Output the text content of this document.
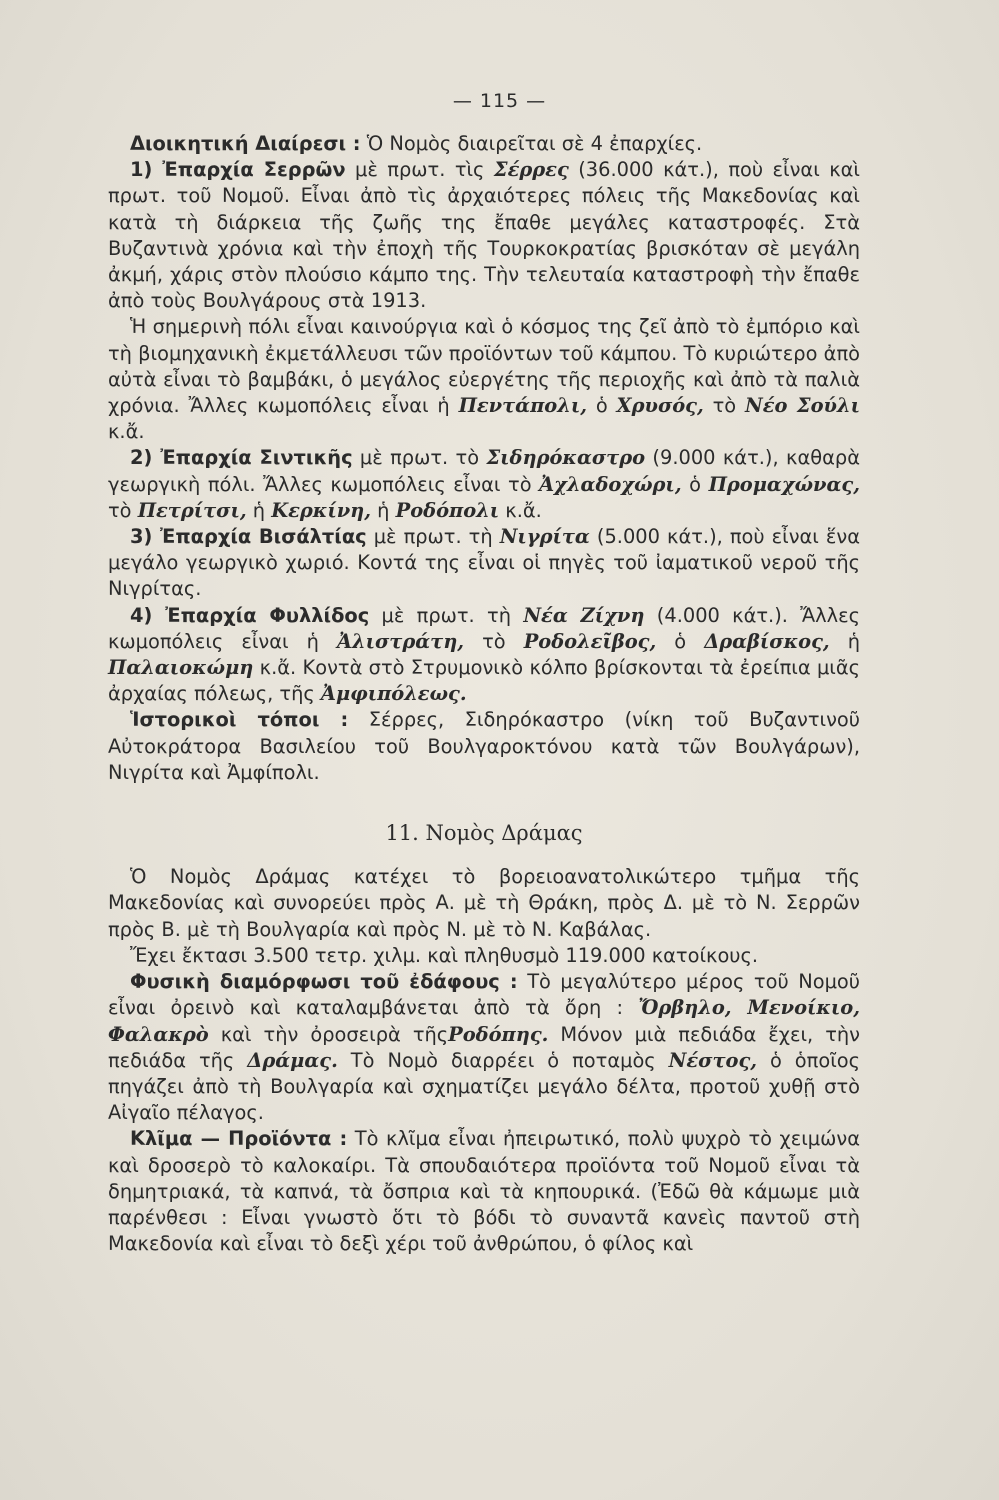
— 115 —

Διοικητική Διαίρεσι : Ὁ Νομὸς διαιρεῖται σὲ 4 ἐπαρχίες.

1) Ἐπαρχία Σερρῶν μὲ πρωτ. τὶς Σέρρες (36.000 κάτ.), ποὺ εἶναι καὶ πρωτ. τοῦ Νομοῦ. Εἶναι ἀπὸ τὶς ἀρχαιότερες πόλεις τῆς Μακεδονίας καὶ κατὰ τὴ διάρκεια τῆς ζωῆς της ἔπαθε μεγάλες καταστροφές. Στὰ Βυζαντινὰ χρόνια καὶ τὴν ἐποχὴ τῆς Τουρκοκρατίας βρισκόταν σὲ μεγάλη ἀκμή, χάρις στὸν πλούσιο κάμπο της. Τὴν τελευταία καταστροφὴ τὴν ἔπαθε ἀπὸ τοὺς Βουλγάρους στὰ 1913.

Ἡ σημερινὴ πόλι εἶναι καινούργια καὶ ὁ κόσμος της ζεῖ ἀπὸ τὸ ἐμπόριο καὶ τὴ βιομηχανικὴ ἐκμετάλλευσι τῶν προϊόντων τοῦ κάμπου. Τὸ κυριώτερο ἀπὸ αὐτὰ εἶναι τὸ βαμβάκι, ὁ μεγάλος εὐεργέτης τῆς περιοχῆς καὶ ἀπὸ τὰ παλιὰ χρόνια. Ἄλλες κωμοπόλεις εἶναι ἡ Πεντάπολι, ὁ Χρυσός, τὸ Νέο Σούλι κ.ἄ.

2) Ἐπαρχία Σιντικῆς μὲ πρωτ. τὸ Σιδηρόκαστρο (9.000 κάτ.), καθαρὰ γεωργικὴ πόλι. Ἄλλες κωμοπόλεις εἶναι τὸ Ἀχλαδοχώρι, ὁ Προμαχώνας, τὸ Πετρίτσι, ἡ Κερκίνη, ἡ Ροδόπολι κ.ἄ.

3) Ἐπαρχία Βισάλτίας μὲ πρωτ. τὴ Νιγρίτα (5.000 κάτ.), ποὺ εἶναι ἕνα μεγάλο γεωργικὸ χωριό. Κοντά της εἶναι οἱ πηγὲς τοῦ ἰαματικοῦ νεροῦ τῆς Νιγρίτας.

4) Ἐπαρχία Φυλλίδος μὲ πρωτ. τὴ Νέα Ζίχνη (4.000 κάτ.). Ἄλλες κωμοπόλεις εἶναι ἡ Ἀλιστράτη, τὸ Ροδολεῖβος, ὁ Δραβίσκος, ἡ Παλαιοκώμη κ.ἄ. Κοντὰ στὸ Στρυμονικὸ κόλπο βρίσκονται τὰ ἐρείπια μιᾶς ἀρχαίας πόλεως, τῆς Ἀμφιπόλεως.

Ἱστορικοὶ τόποι : Σέρρες, Σιδηρόκαστρο (νίκη τοῦ Βυζαντινοῦ Αὐτοκράτορα Βασιλείου τοῦ Βουλγαροκτόνου κατὰ τῶν Βουλγάρων), Νιγρίτα καὶ Ἀμφίπολι.

11. Νομὸς Δράμας

Ὁ Νομὸς Δράμας κατέχει τὸ βορειοανατολικώτερο τμῆμα τῆς Μακεδονίας καὶ συνορεύει πρὸς Α. μὲ τὴ Θράκη, πρὸς Δ. μὲ τὸ Ν. Σερρῶν πρὸς Β. μὲ τὴ Βουλγαρία καὶ πρὸς Ν. μὲ τὸ Ν. Καβάλας.

Ἔχει ἔκτασι 3.500 τετρ. χιλμ. καὶ πληθυσμὸ 119.000 κατοίκους.

Φυσικὴ διαμόρφωσι τοῦ ἐδάφους : Τὸ μεγαλύτερο μέρος τοῦ Νομοῦ εἶναι ὀρεινὸ καὶ καταλαμβάνεται ἀπὸ τὰ ὄρη : Ὄρβηλο, Μενοίκιο, Φαλακρὸ καὶ τὴν ὀροσειρὰ τῆςΡοδόπης. Μόνον μιὰ πεδιάδα ἔχει, τὴν πεδιάδα τῆς Δράμας. Τὸ Νομὸ διαρρέει ὁ ποταμὸς Νέστος, ὁ ὁποῖος πηγάζει ἀπὸ τὴ Βουλγαρία καὶ σχηματίζει μεγάλο δέλτα, προτοῦ χυθῇ στὸ Αἰγαῖο πέλαγος.

Κλῖμα — Προϊόντα : Τὸ κλῖμα εἶναι ἠπειρωτικό, πολὺ ψυχρὸ τὸ χειμώνα καὶ δροσερὸ τὸ καλοκαίρι. Τὰ σπουδαιότερα προϊόντα τοῦ Νομοῦ εἶναι τὰ δημητριακά, τὰ καπνά, τὰ ὄσπρια καὶ τὰ κηπουρικά. (Ἐδῶ θὰ κάμωμε μιὰ παρένθεσι : Εἶναι γνωστὸ ὅτι τὸ βόδι τὸ συναντᾶ κανεὶς παντοῦ στὴ Μακεδονία καὶ εἶναι τὸ δεξὶ χέρι τοῦ ἀνθρώπου, ὁ φίλος καὶ
